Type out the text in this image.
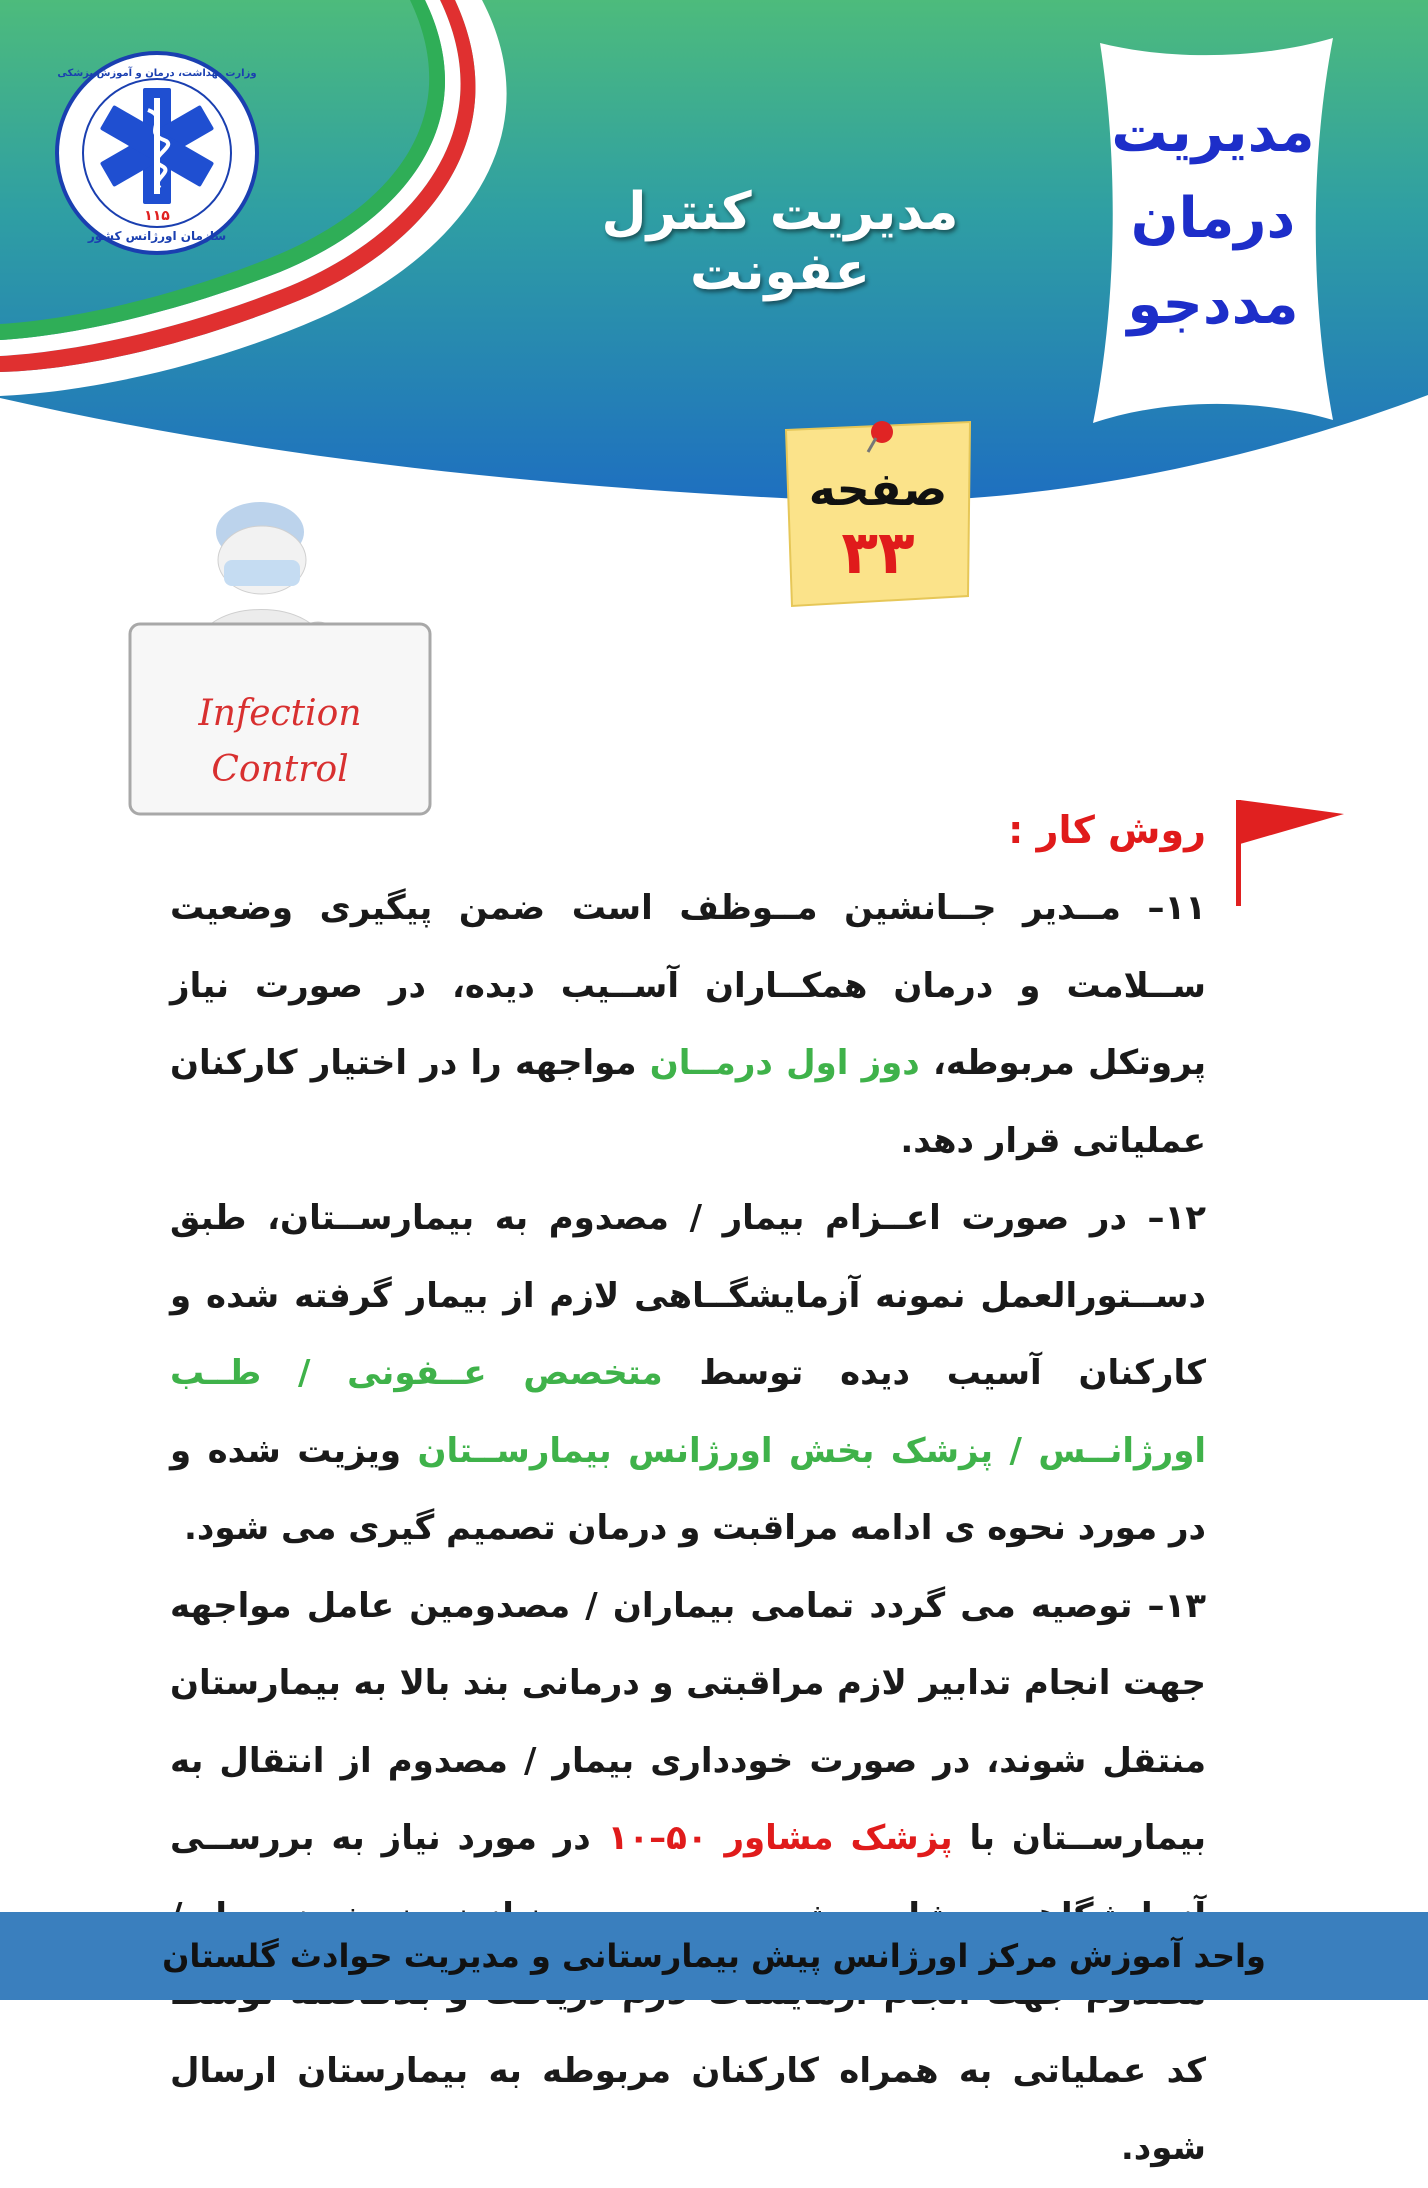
۱۱۵
سازمان اورژانس کشور
وزارت بهداشت، درمان و آموزش پزشکی
مدیریت کنترل عفونت
مدیریت
درمان
مددجو
صفحه
۳۳
Infection
Control
روش کار :
۱۱– مــدیر جــانشین مــوظف است ضمن پیگیری وضعیت ســلامت و درمان همکــاران آســیب دیده، در صورت نیاز پروتکل مربوطه، دوز اول درمــان مواجهه را در اختیار کارکنان عملیاتی قرار دهد.
۱۲– در صورت اعــزام بیمار / مصدوم به بیمارســتان، طبق دســتورالعمل نمونه آزمایشگــاهی لازم از بیمار گرفته شده و کارکنان آسیب دیده توسط متخصص عــفونی / طــب اورژانــس / پزشک بخش اورژانس بیمارســتان ویزیت شده و در مورد نحوه ی ادامه مراقبت و درمان تصمیم گیری می شود.
۱۳– توصیه می گردد تمامی بیماران / مصدومین عامل مواجهه جهت انجام تدابیر لازم مراقبتی و درمانی بند بالا به بیمارستان منتقل شوند، در صورت خودداری بیمار / مصدوم از انتقال به بیمارســتان با پزشک مشاور ۵۰–۱۰ در مورد نیاز به بررســی کد عملیاتی به همراه کارکنان مربوطه به بیمارستان ارسال شود.
واحد آموزش مرکز اورژانس پیش بیمارستانی و مدیریت حوادث گلستان
